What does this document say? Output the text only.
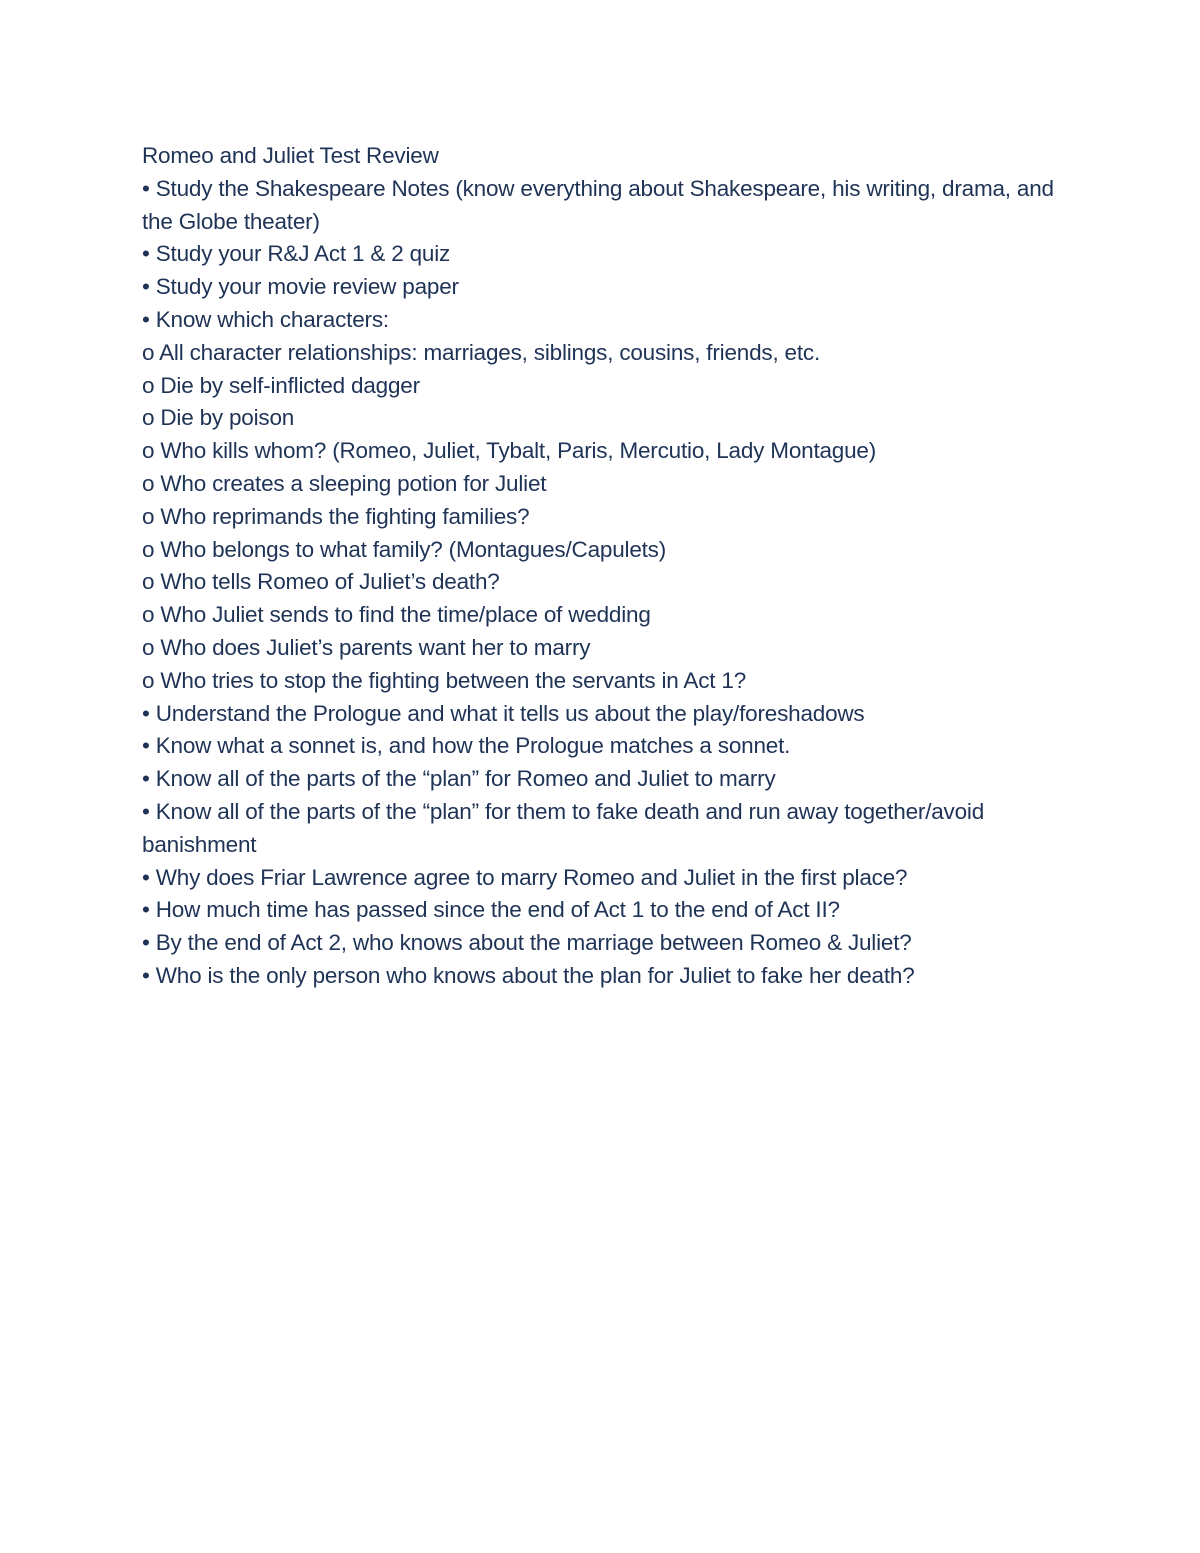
Romeo and Juliet Test Review

• Study the Shakespeare Notes (know everything about Shakespeare, his writing, drama, and the Globe theater)

• Study your R&J Act 1 & 2 quiz

• Study your movie review paper

• Know which characters:

o All character relationships: marriages, siblings, cousins, friends, etc.

o Die by self-inflicted dagger

o Die by poison

o Who kills whom? (Romeo, Juliet, Tybalt, Paris, Mercutio, Lady Montague)

o Who creates a sleeping potion for Juliet

o Who reprimands the fighting families?

o Who belongs to what family? (Montagues/Capulets)

o Who tells Romeo of Juliet’s death?

o Who Juliet sends to find the time/place of wedding

o Who does Juliet’s parents want her to marry

o Who tries to stop the fighting between the servants in Act 1?

• Understand the Prologue and what it tells us about the play/foreshadows

• Know what a sonnet is, and how the Prologue matches a sonnet.

• Know all of the parts of the “plan” for Romeo and Juliet to marry

• Know all of the parts of the “plan” for them to fake death and run away together/avoid banishment

• Why does Friar Lawrence agree to marry Romeo and Juliet in the first place?

• How much time has passed since the end of Act 1 to the end of Act II?

• By the end of Act 2, who knows about the marriage between Romeo & Juliet?

• Who is the only person who knows about the plan for Juliet to fake her death?
